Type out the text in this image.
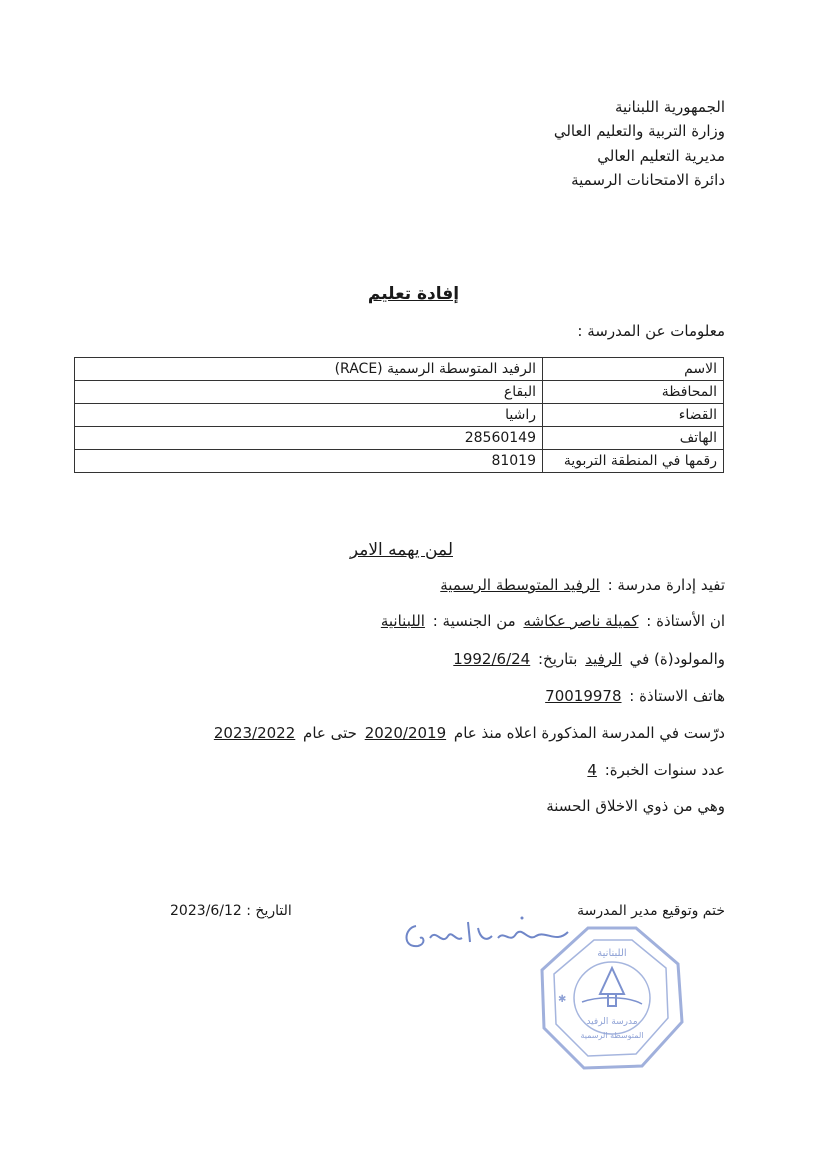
الجمهورية اللبنانية
وزارة التربية والتعليم العالي
مديرية التعليم العالي
دائرة الامتحانات الرسمية
إفادة تعليم
معلومات عن المدرسة :
الاسم	الرفيد المتوسطة الرسمية (RACE)
المحافظة	البقاع
القضاء	راشيا
الهاتف	28560149
رقمها في المنطقة التربوية	81019
لمن يهمه الامر
تفيد إدارة مدرسة : الرفيد المتوسطة الرسمية
ان الأستاذة : كميلة ناصر عكاشه من الجنسية : اللبنانية
والمولود(ة) في الرفيد بتاريخ: 1992/6/24
هاتف الاستاذة : 70019978
درّست في المدرسة المذكورة اعلاه منذ عام 2020/2019 حتى عام 2023/2022
عدد سنوات الخبرة: 4
وهي من ذوي الاخلاق الحسنة
ختم وتوقيع مدير المدرسة
التاريخ : 2023/6/12
مدرسة الرفيد
المتوسطة الرسمية
اللبنانية
✱
